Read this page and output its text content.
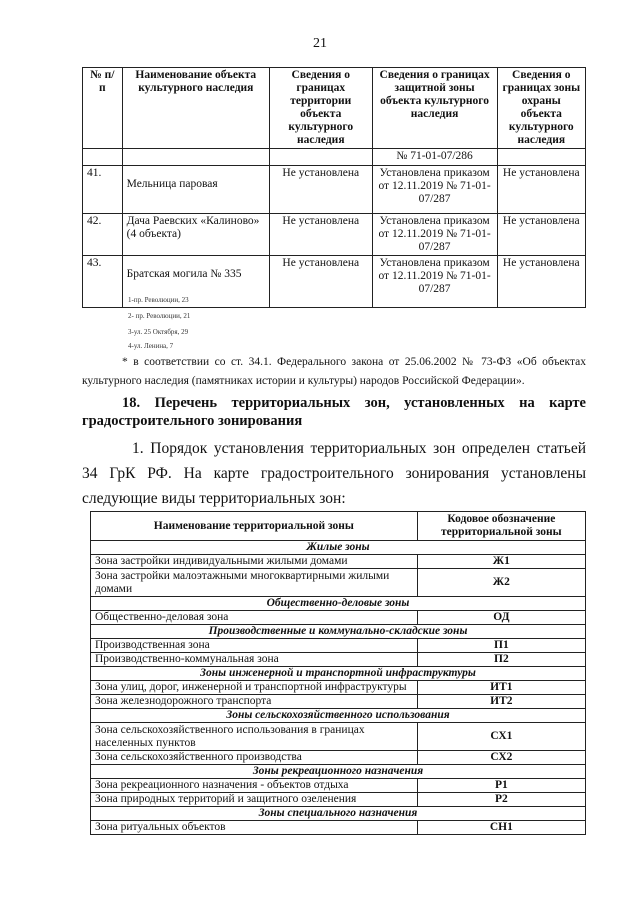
21
№ п/п	Наименование объекта культурного наследия	Сведения о границах территории объекта культурного наследия	Сведения о границах защитной зоны объекта культурного наследия	Сведения о границах зоны охраны объекта культурного наследия
			№ 71-01-07/286	
41.	Мельница паровая	Не установлена	Установлена приказом от 12.11.2019 № 71-01-07/287	Не установлена
42.	Дача Раевских «Калиново» (4 объекта)	Не установлена	Установлена приказом от 12.11.2019 № 71-01-07/287	Не установлена
43.	Братская могила № 335	Не установлена	Установлена приказом от 12.11.2019 № 71-01-07/287	Не установлена
1-пр. Революции, 23
2- пр. Революции, 21
3-ул. 25 Октября, 29
4-ул. Ленина, 7
* в соответствии со ст. 34.1. Федерального закона от 25.06.2002 № 73-ФЗ «Об объектах культурного наследия (памятниках истории и культуры) народов Российской Федерации».
18. Перечень территориальных зон, установленных на карте градостроительного зонирования
1. Порядок установления территориальных зон определен статьей 34 ГрК РФ. На карте градостроительного зонирования установлены следующие виды территориальных зон:
Наименование территориальной зоны	Кодовое обозначение территориальной зоны
Жилые зоны	
Зона застройки индивидуальными жилыми домами	Ж1
Зона застройки малоэтажными многоквартирными жилыми домами	Ж2
Общественно-деловые зоны	
Общественно-деловая зона	ОД
Производственные и коммунально-складские зоны	
Производственная зона	П1
Производственно-коммунальная зона	П2
Зоны инженерной и транспортной инфраструктуры	
Зона улиц, дорог, инженерной и транспортной инфраструктуры	ИТ1
Зона железнодорожного транспорта	ИТ2
Зоны сельскохозяйственного использования	
Зона сельскохозяйственного использования в границах населенных пунктов	СХ1
Зона сельскохозяйственного производства	СХ2
Зоны рекреационного назначения	
Зона рекреационного назначения - объектов отдыха	Р1
Зона природных территорий и защитного озеленения	Р2
Зоны специального назначения	
Зона ритуальных объектов	СН1
